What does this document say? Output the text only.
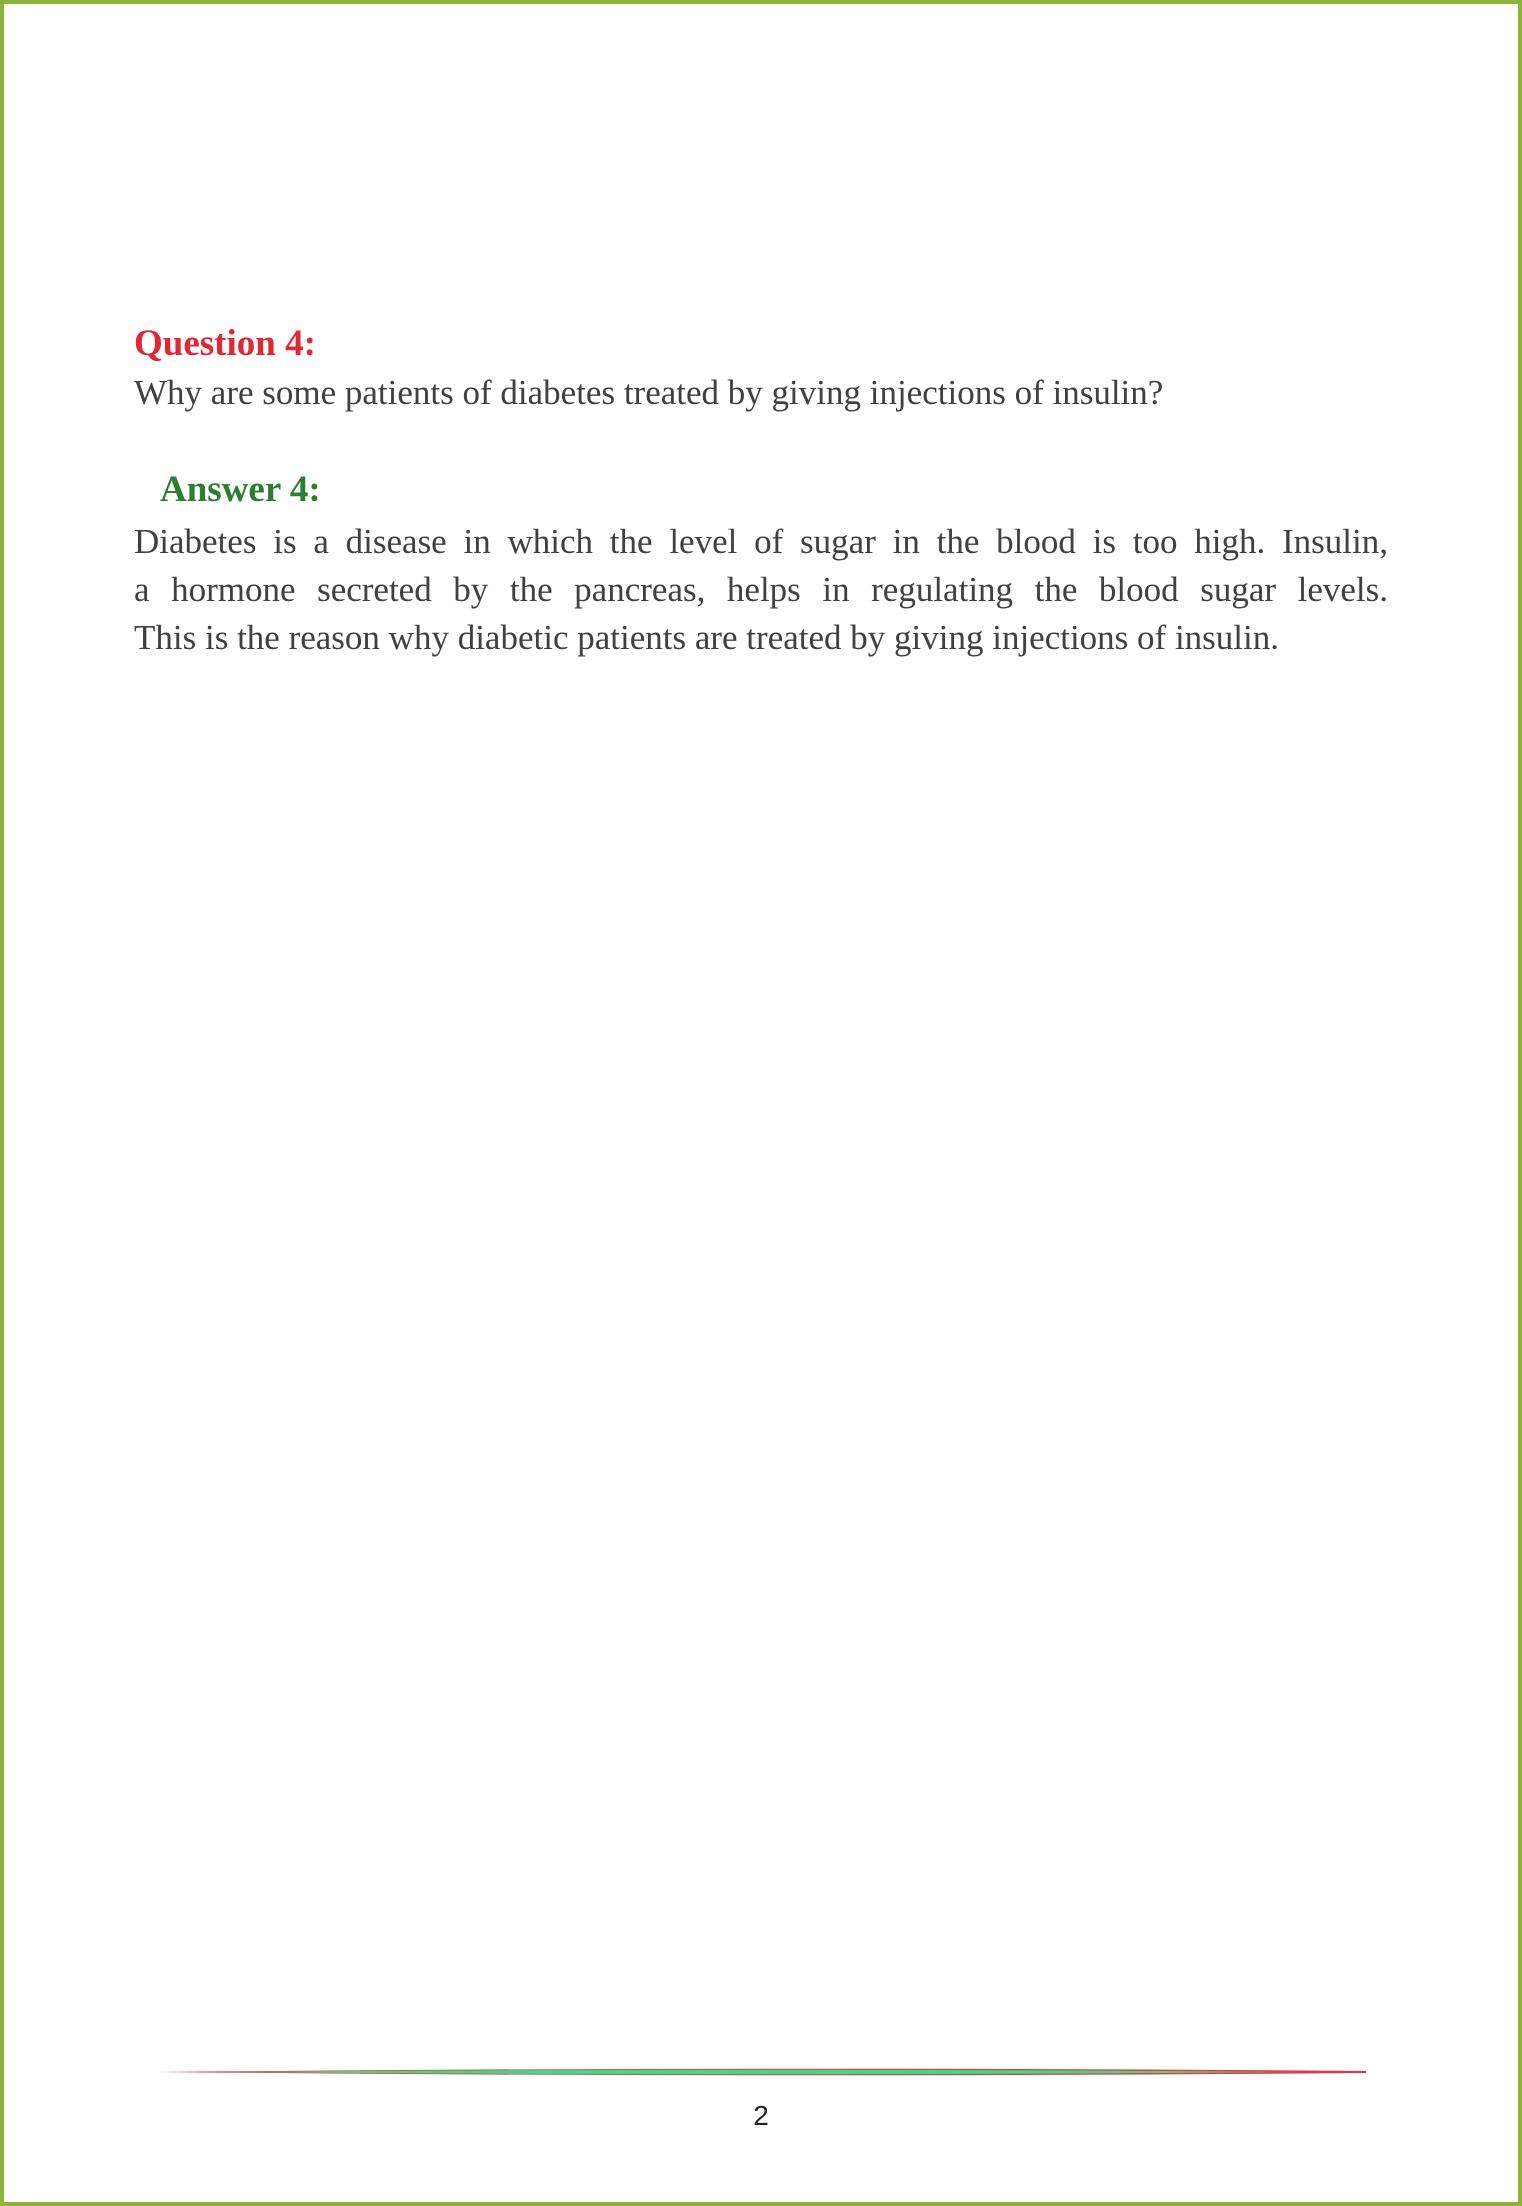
Question 4:

Why are some patients of diabetes treated by giving injections of insulin?

Answer 4:
Diabetes is a disease in which the level of sugar in the blood is too high. Insulin,
a hormone secreted by the pancreas, helps in regulating the blood sugar levels.
This is the reason why diabetic patients are treated by giving injections of insulin.
2
